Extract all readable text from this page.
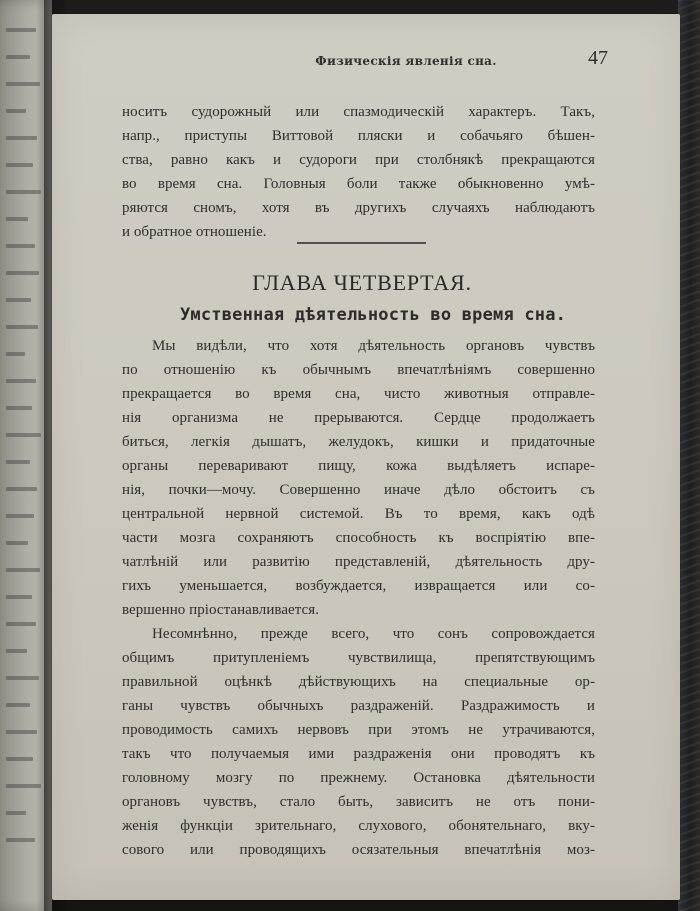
Физическія явленія сна.	47
носитъ судорожный или спазмодическій характеръ. Такъ,
напр., приступы Виттовой пляски и собачьяго бѣшен-
ства, равно какъ и судороги при столбнякѣ прекращаются
во время сна. Головныя боли также обыкновенно умѣ-
ряются сномъ, хотя въ другихъ случаяхъ наблюдаютъ
и обратное отношеніе.
ГЛАВА ЧЕТВЕРТАЯ.
Умственная дѣятельность во время сна.
Мы видѣли, что хотя дѣятельность органовъ чувствъ
по отношенію къ обычнымъ впечатлѣніямъ совершенно
прекращается во время сна, чисто животныя отправле-
нія организма не прерываются. Сердце продолжаетъ
биться, легкія дышатъ, желудокъ, кишки и придаточные
органы переваривают пищу, кожа выдѣляетъ испаре-
нія, почки—мочу. Совершенно иначе дѣло обстоитъ съ
центральной нервной системой. Въ то время, какъ одѣ
части мозга сохраняютъ способность къ воспріятію впе-
чатлѣній или развитію представленій, дѣятельность дру-
гихъ уменьшается, возбуждается, извращается или со-
вершенно пріостанавливается.
Несомнѣнно, прежде всего, что сонъ сопровождается
общимъ притупленіемъ чувствилища, препятствующимъ
правильной оцѣнкѣ дѣйствующихъ на специальные ор-
ганы чувствъ обычныхъ раздраженій. Раздражимость и
проводимость самихъ нервовъ при этомъ не утрачиваются,
такъ что получаемыя ими раздраженія они проводятъ къ
головному мозгу по прежнему. Остановка дѣятельности
органовъ чувствъ, стало быть, зависитъ не отъ пони-
женія функціи зрительнаго, слухового, обонятельнаго, вку-
сового или проводящихъ осязательныя впечатлѣнія моз-
